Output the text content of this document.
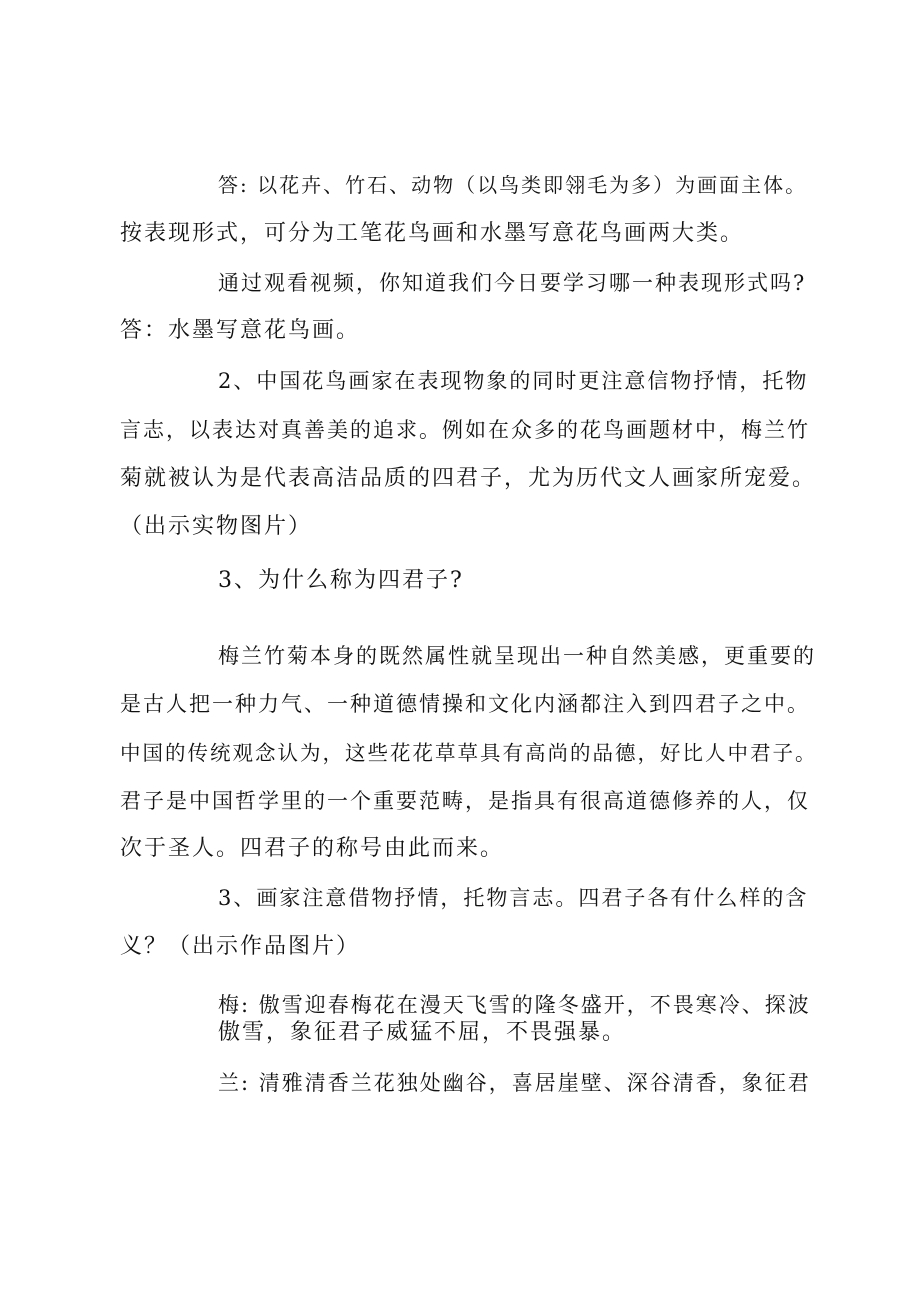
答: 以花卉、竹石、动物（以鸟类即翎毛为多）为画面主体。
按表现形式，可分为工笔花鸟画和水墨写意花鸟画两大类。
通过观看视频，你知道我们今日要学习哪一种表现形式吗?
答：水墨写意花鸟画。
2、中国花鸟画家在表现物象的同时更注意信物抒情，托物
言志，以表达对真善美的追求。例如在众多的花鸟画题材中，梅兰竹
菊就被认为是代表高洁品质的四君子，尤为历代文人画家所宠爱。
（出示实物图片）
3、为什么称为四君子?
梅兰竹菊本身的既然属性就呈现出一种自然美感，更重要的
是古人把一种力气、一种道德情操和文化内涵都注入到四君子之中。
中国的传统观念认为，这些花花草草具有高尚的品德，好比人中君子。
君子是中国哲学里的一个重要范畴，是指具有很高道德修养的人，仅
次于圣人。四君子的称号由此而来。
3、画家注意借物抒情，托物言志。四君子各有什么样的含
义？（出示作品图片）
梅: 傲雪迎春梅花在漫天飞雪的隆冬盛开，不畏寒冷、探波
傲雪，象征君子威猛不屈，不畏强暴。
兰: 清雅清香兰花独处幽谷，喜居崖壁、深谷清香，象征君
